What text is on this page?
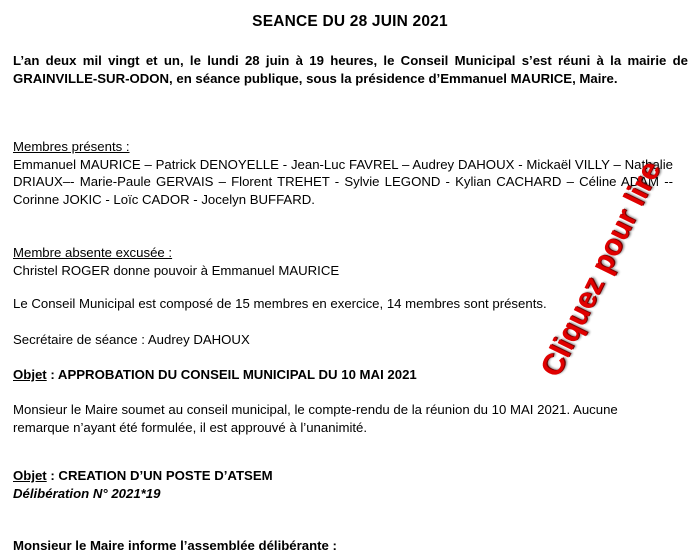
SEANCE DU 28 JUIN 2021
L’an deux mil vingt et un, le lundi 28 juin à 19 heures, le Conseil Municipal s’est réuni à la mairie de GRAINVILLE-SUR-ODON, en séance publique, sous la présidence d’Emmanuel MAURICE, Maire.
Membres présents :
Emmanuel MAURICE – Patrick DENOYELLE - Jean-Luc FAVREL – Audrey DAHOUX - Mickaël VILLY – Nathalie DRIAUX–- Marie-Paule GERVAIS – Florent TREHET - Sylvie LEGOND - Kylian CACHARD – Céline ADAM -- Corinne JOKIC - Loïc CADOR - Jocelyn BUFFARD.
Membre absente excusée :
Christel ROGER donne pouvoir à Emmanuel MAURICE
Le Conseil Municipal est composé de 15 membres en exercice, 14 membres sont présents.
Secrétaire de séance : Audrey DAHOUX
Objet : APPROBATION DU CONSEIL MUNICIPAL DU 10 MAI 2021
Monsieur le Maire soumet au conseil municipal, le compte-rendu de la réunion du 10 MAI 2021. Aucune remarque n’ayant été formulée, il est approuvé à l’unanimité.
Objet : CREATION D’UN POSTE D’ATSEM
Délibération N° 2021*19
Monsieur le Maire informe l’assemblée délibérante :
Cliquez pour lire
